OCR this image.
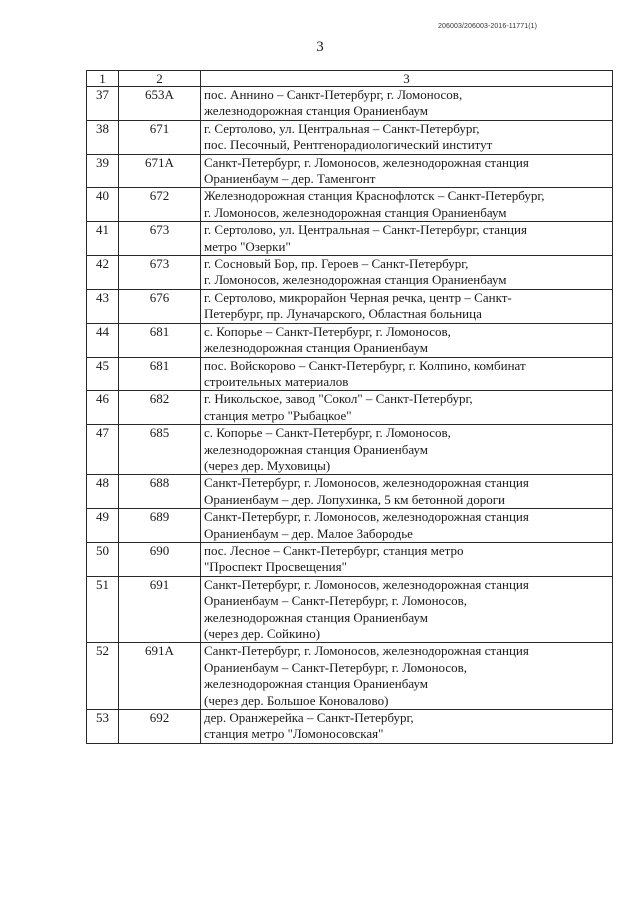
206003/206003-2016-11771(1)
3
1	2	3
37	653А	пос. Аннино – Санкт-Петербург, г. Ломоносов,
железнодорожная станция Ораниенбаум
38	671	г. Сертолово, ул. Центральная – Санкт-Петербург,
пос. Песочный, Рентгенорадиологический институт
39	671А	Санкт-Петербург, г. Ломоносов, железнодорожная станция
Ораниенбаум – дер. Таменгонт
40	672	Железнодорожная станция Краснофлотск – Санкт-Петербург,
г. Ломоносов, железнодорожная станция Ораниенбаум
41	673	г. Сертолово, ул. Центральная – Санкт-Петербург, станция
метро "Озерки"
42	673	г. Сосновый Бор, пр. Героев – Санкт-Петербург,
г. Ломоносов, железнодорожная станция Ораниенбаум
43	676	г. Сертолово, микрорайон Черная речка, центр – Санкт-
Петербург, пр. Луначарского, Областная больница
44	681	с. Копорье – Санкт-Петербург, г. Ломоносов,
железнодорожная станция Ораниенбаум
45	681	пос. Войскорово – Санкт-Петербург, г. Колпино, комбинат
строительных материалов
46	682	г. Никольское, завод "Сокол" – Санкт-Петербург,
станция метро "Рыбацкое"
47	685	с. Копорье – Санкт-Петербург, г. Ломоносов,
железнодорожная станция Ораниенбаум
(через дер. Муховицы)
48	688	Санкт-Петербург, г. Ломоносов, железнодорожная станция
Ораниенбаум – дер. Лопухинка, 5 км бетонной дороги
49	689	Санкт-Петербург, г. Ломоносов, железнодорожная станция
Ораниенбаум – дер. Малое Забородье
50	690	пос. Лесное – Санкт-Петербург, станция метро
"Проспект Просвещения"
51	691	Санкт-Петербург, г. Ломоносов, железнодорожная станция
Ораниенбаум – Санкт-Петербург, г. Ломоносов,
железнодорожная станция Ораниенбаум
(через дер. Сойкино)
52	691А	Санкт-Петербург, г. Ломоносов, железнодорожная станция
Ораниенбаум – Санкт-Петербург, г. Ломоносов,
железнодорожная станция Ораниенбаум
(через дер. Большое Коновалово)
53	692	дер. Оранжерейка – Санкт-Петербург,
станция метро "Ломоносовская"
